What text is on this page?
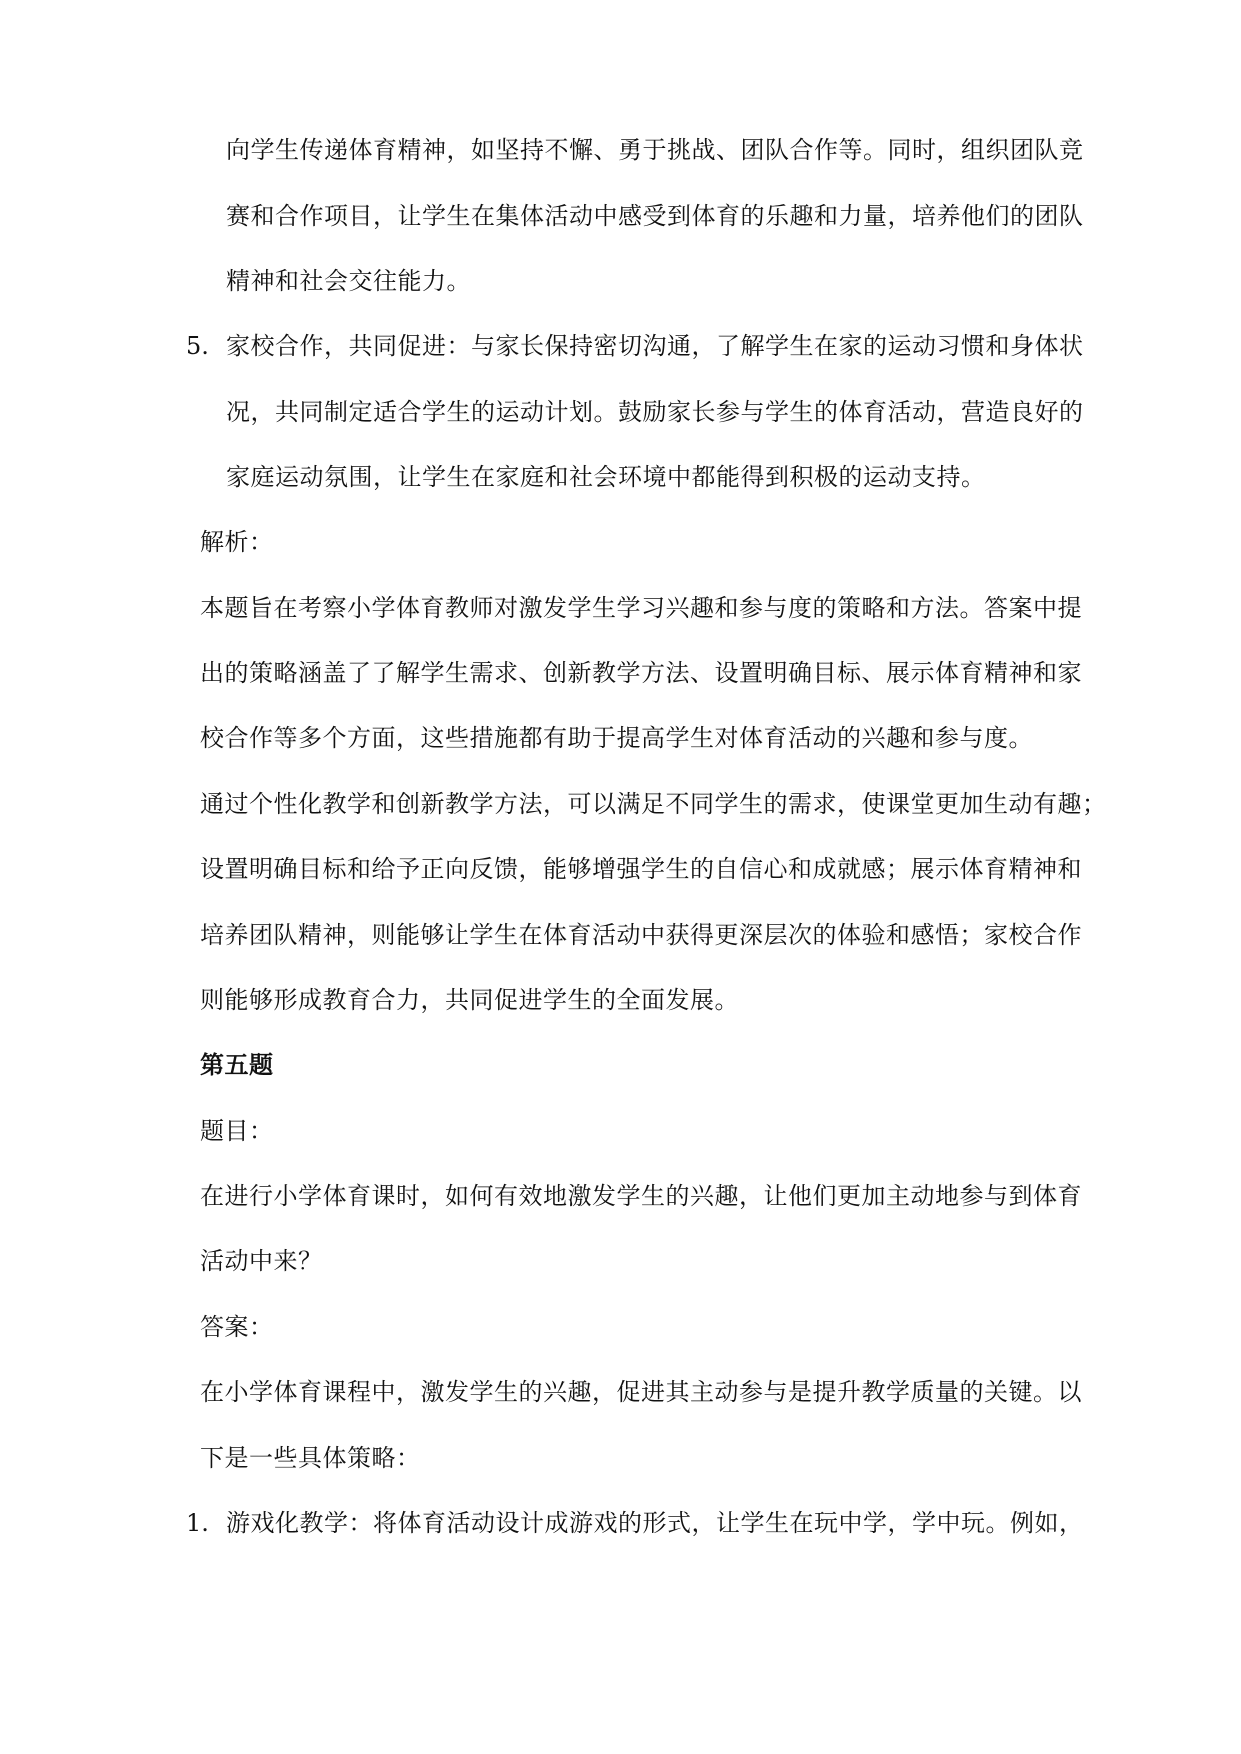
向学生传递体育精神，如坚持不懈、勇于挑战、团队合作等。同时，组织团队竞
赛和合作项目，让学生在集体活动中感受到体育的乐趣和力量，培养他们的团队
精神和社会交往能力。
5. 家校合作，共同促进：与家长保持密切沟通，了解学生在家的运动习惯和身体状
况，共同制定适合学生的运动计划。鼓励家长参与学生的体育活动，营造良好的
家庭运动氛围，让学生在家庭和社会环境中都能得到积极的运动支持。
解析：
本题旨在考察小学体育教师对激发学生学习兴趣和参与度的策略和方法。答案中提
出的策略涵盖了了解学生需求、创新教学方法、设置明确目标、展示体育精神和家
校合作等多个方面，这些措施都有助于提高学生对体育活动的兴趣和参与度。
通过个性化教学和创新教学方法，可以满足不同学生的需求，使课堂更加生动有趣；
设置明确目标和给予正向反馈，能够增强学生的自信心和成就感；展示体育精神和
培养团队精神，则能够让学生在体育活动中获得更深层次的体验和感悟；家校合作
则能够形成教育合力，共同促进学生的全面发展。
第五题
题目：
在进行小学体育课时，如何有效地激发学生的兴趣，让他们更加主动地参与到体育
活动中来？
答案：
在小学体育课程中，激发学生的兴趣，促进其主动参与是提升教学质量的关键。以
下是一些具体策略：
1. 游戏化教学：将体育活动设计成游戏的形式，让学生在玩中学，学中玩。例如，
